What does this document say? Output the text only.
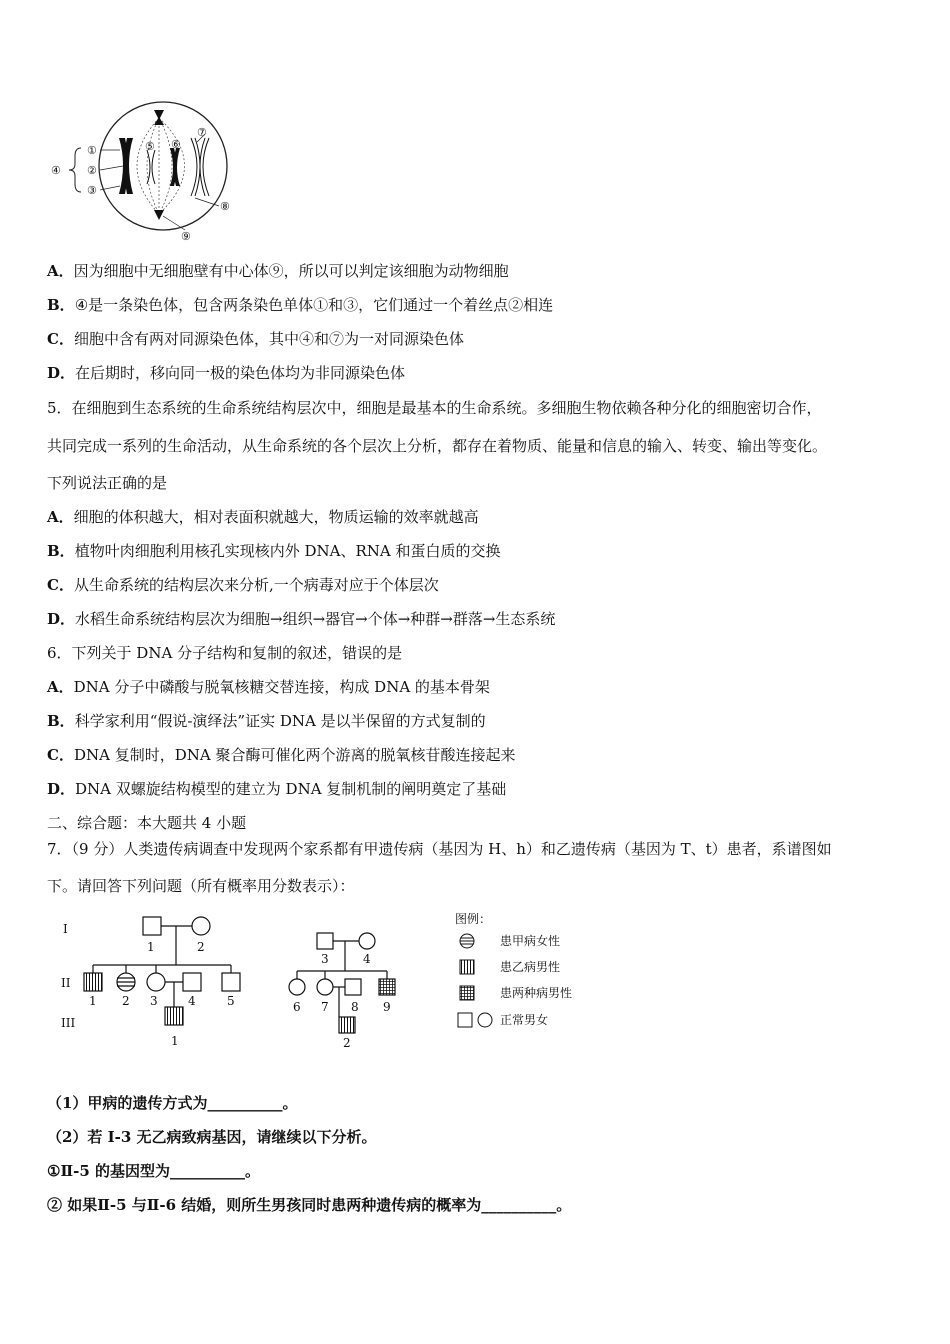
①
②
③
④
⑤ ⑥
⑦
⑧
⑨
A．因为细胞中无细胞壁有中心体⑨，所以可以判定该细胞为动物细胞
B．④是一条染色体，包含两条染色单体①和③，它们通过一个着丝点②相连
C．细胞中含有两对同源染色体，其中④和⑦为一对同源染色体
D．在后期时，移向同一极的染色体均为非同源染色体
5．在细胞到生态系统的生命系统结构层次中，细胞是最基本的生命系统。多细胞生物依赖各种分化的细胞密切合作，
共同完成一系列的生命活动，从生命系统的各个层次上分析，都存在着物质、能量和信息的输入、转变、输出等变化。
下列说法正确的是
A．细胞的体积越大，相对表面积就越大，物质运输的效率就越高
B．植物叶肉细胞利用核孔实现核内外 DNA、RNA 和蛋白质的交换
C．从生命系统的结构层次来分析,一个病毒对应于个体层次
D．水稻生命系统结构层次为细胞→组织→器官→个体→种群→群落→生态系统
6．下列关于 DNA 分子结构和复制的叙述，错误的是
A．DNA 分子中磷酸与脱氧核糖交替连接，构成 DNA 的基本骨架
B．科学家利用“假说-演绎法”证实 DNA 是以半保留的方式复制的
C．DNA 复制时，DNA 聚合酶可催化两个游离的脱氧核苷酸连接起来
D．DNA 双螺旋结构模型的建立为 DNA 复制机制的阐明奠定了基础
二、综合题：本大题共 4 小题
7．（9 分）人类遗传病调查中发现两个家系都有甲遗传病（基因为 H、h）和乙遗传病（基因为 T、t）患者，系谱图如
下。请回答下列问题（所有概率用分数表示）：
I
II
III
1	2
1 2 3	4	5
1
3	4
6 7 8 9
2
图例：
患甲病女性
患乙病男性
患两种病男性
正常男女
（1）甲病的遗传方式为__________。
（2）若 I-3 无乙病致病基因，请继续以下分析。
①Ⅱ-5 的基因型为__________。
② 如果Ⅱ-5 与Ⅱ-6 结婚，则所生男孩同时患两种遗传病的概率为__________。
